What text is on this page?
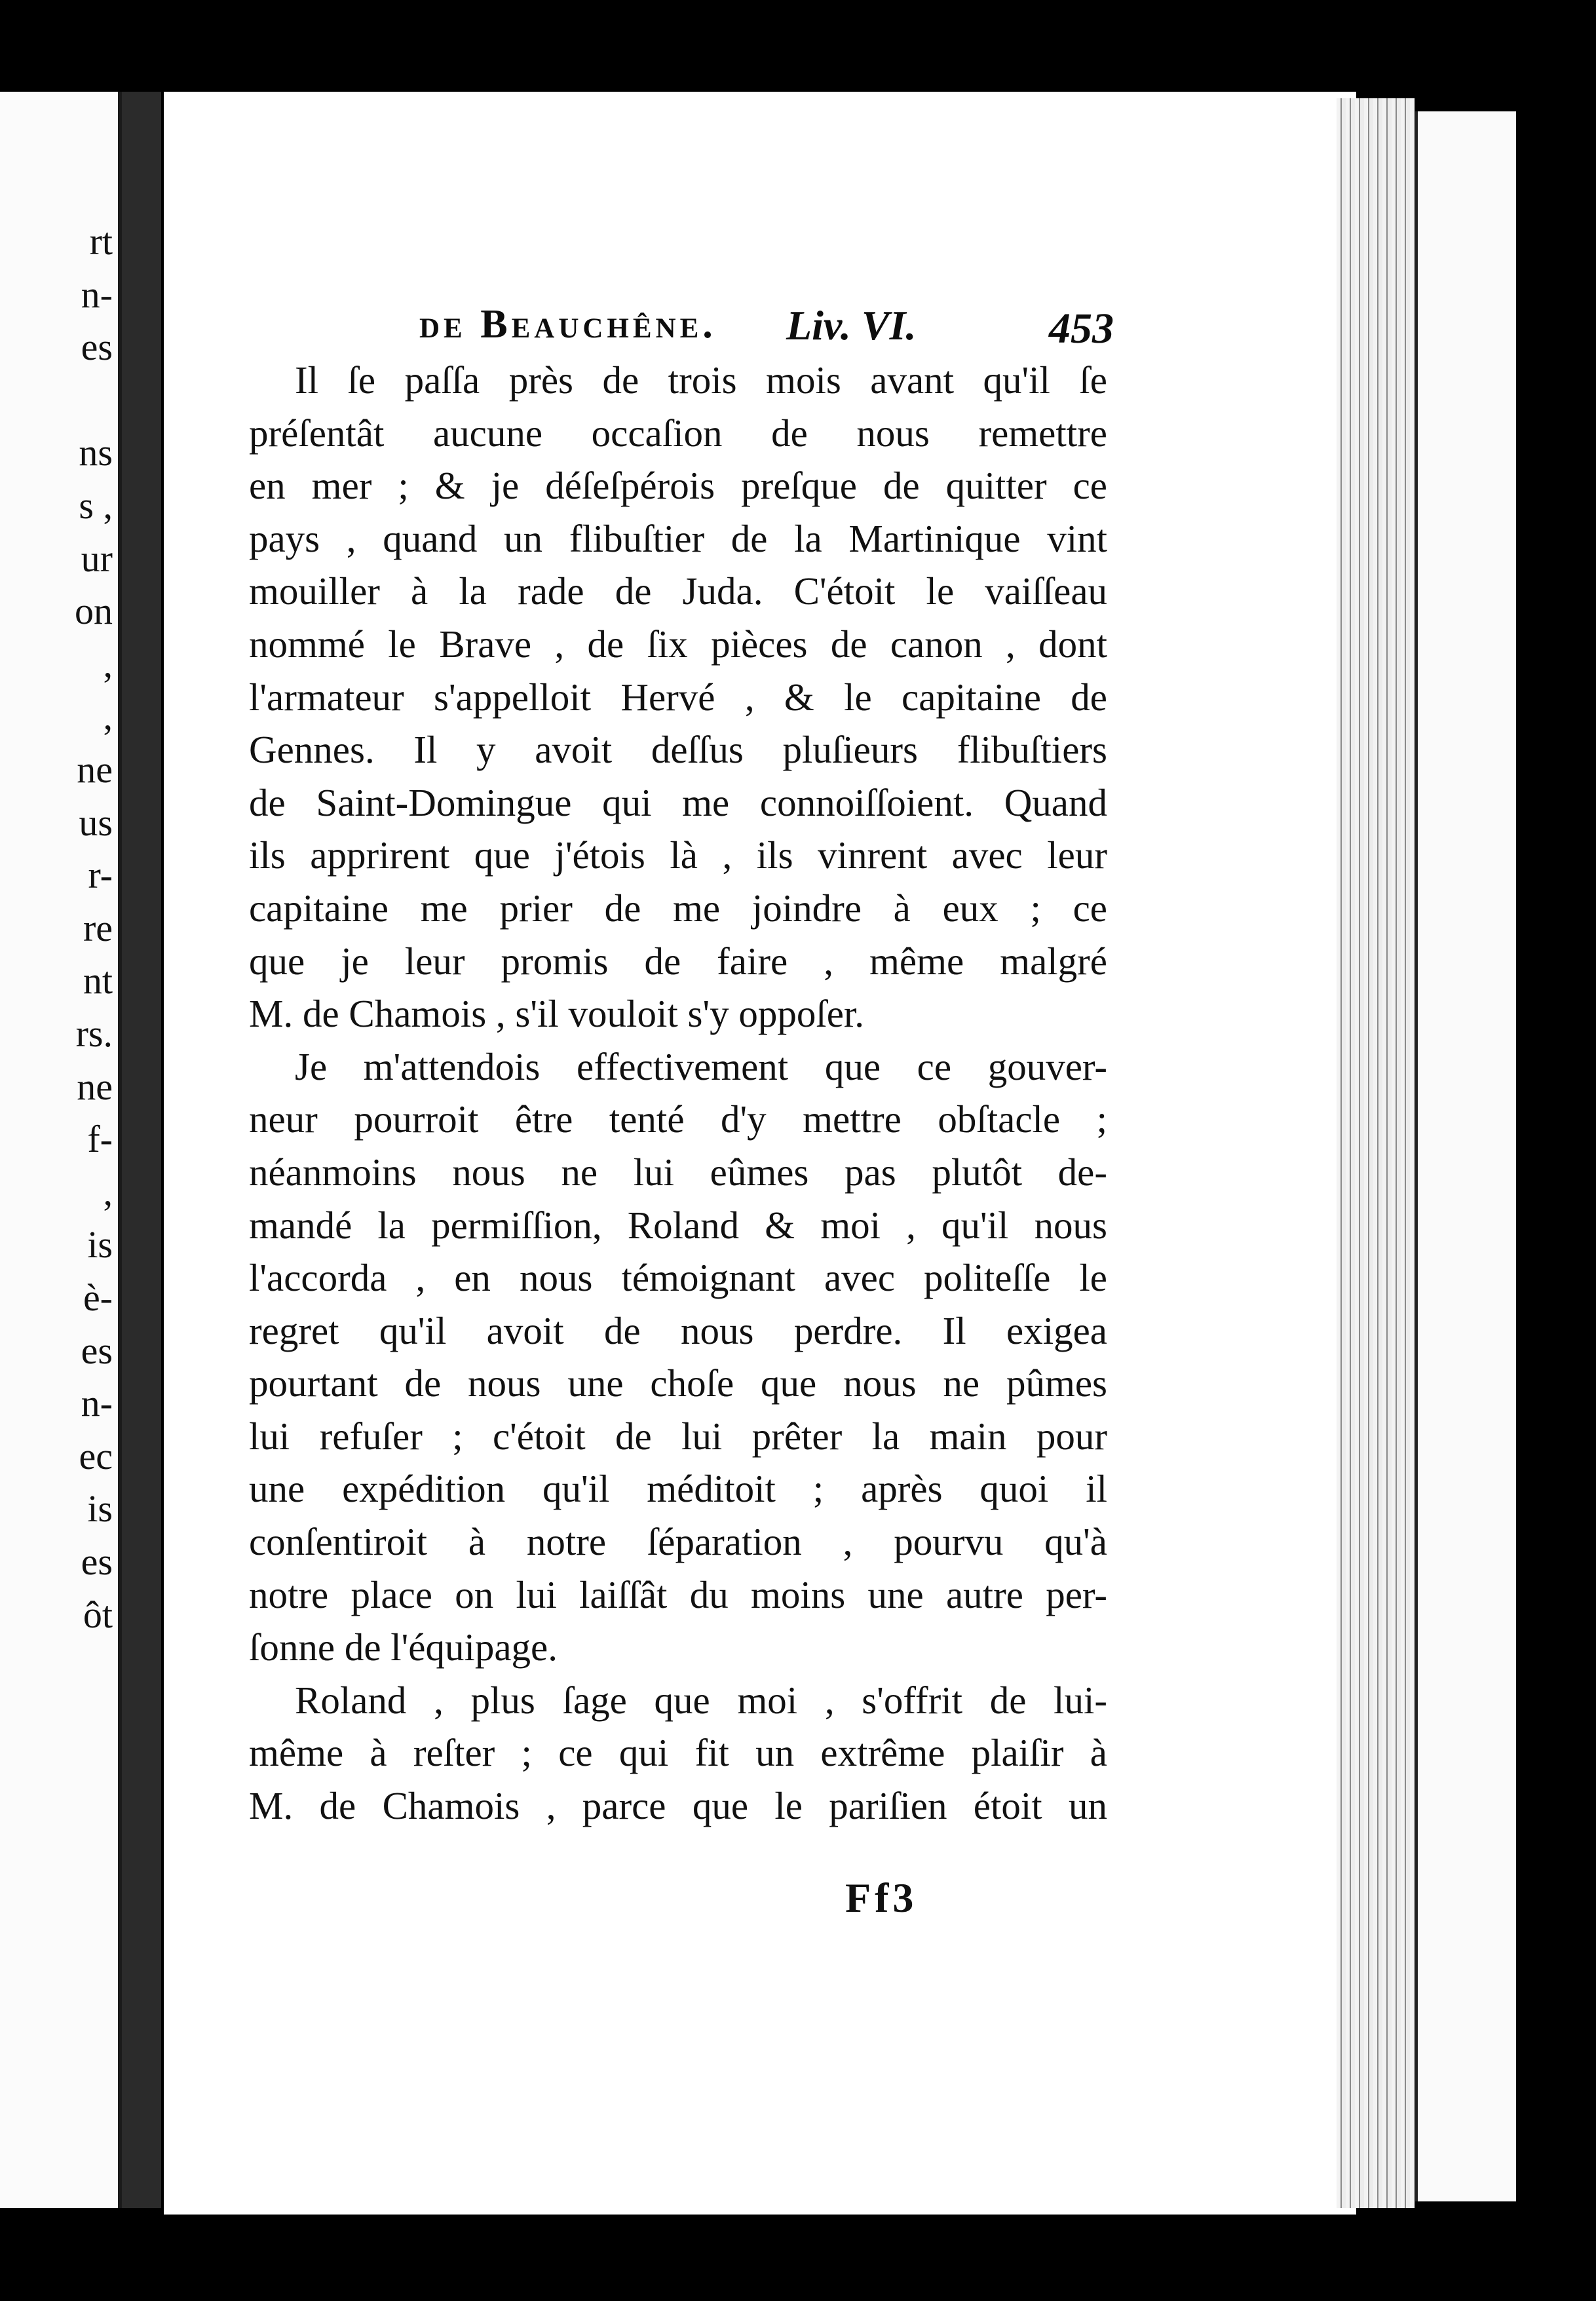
rt
n-
es
ns
s ,
ur
on
,
,
ne
us
r-
re
nt
rs.
ne
f-
,
is
è-
es
n-
ec
is
es
ôt
de Beauchêne. Liv. VI.	453
Il ſe paſſa près de trois mois avant qu'il ſe
préſentât aucune occaſion de nous remettre
en mer ; & je déſeſpérois preſque de quitter ce
pays , quand un flibuſtier de la Martinique vint
mouiller à la rade de Juda. C'étoit le vaiſſeau
nommé le Brave , de ſix pièces de canon , dont
l'armateur s'appelloit Hervé , & le capitaine de
Gennes. Il y avoit deſſus pluſieurs flibuſtiers
de Saint-Domingue qui me connoiſſoient. Quand
ils apprirent que j'étois là , ils vinrent avec leur
capitaine me prier de me joindre à eux ; ce
que je leur promis de faire , même malgré
M. de Chamois , s'il vouloit s'y oppoſer.
Je m'attendois effectivement que ce gouver-
neur pourroit être tenté d'y mettre obſtacle ;
néanmoins nous ne lui eûmes pas plutôt de-
mandé la permiſſion, Roland & moi , qu'il nous
l'accorda , en nous témoignant avec politeſſe le
regret qu'il avoit de nous perdre. Il exigea
pourtant de nous une choſe que nous ne pûmes
lui refuſer ; c'étoit de lui prêter la main pour
une expédition qu'il méditoit ; après quoi il
conſentiroit à notre ſéparation , pourvu qu'à
notre place on lui laiſſât du moins une autre per-
ſonne de l'équipage.
Roland , plus ſage que moi , s'offrit de lui-
même à reſter ; ce qui fit un extrême plaiſir à
M. de Chamois , parce que le pariſien étoit un
Ff3
